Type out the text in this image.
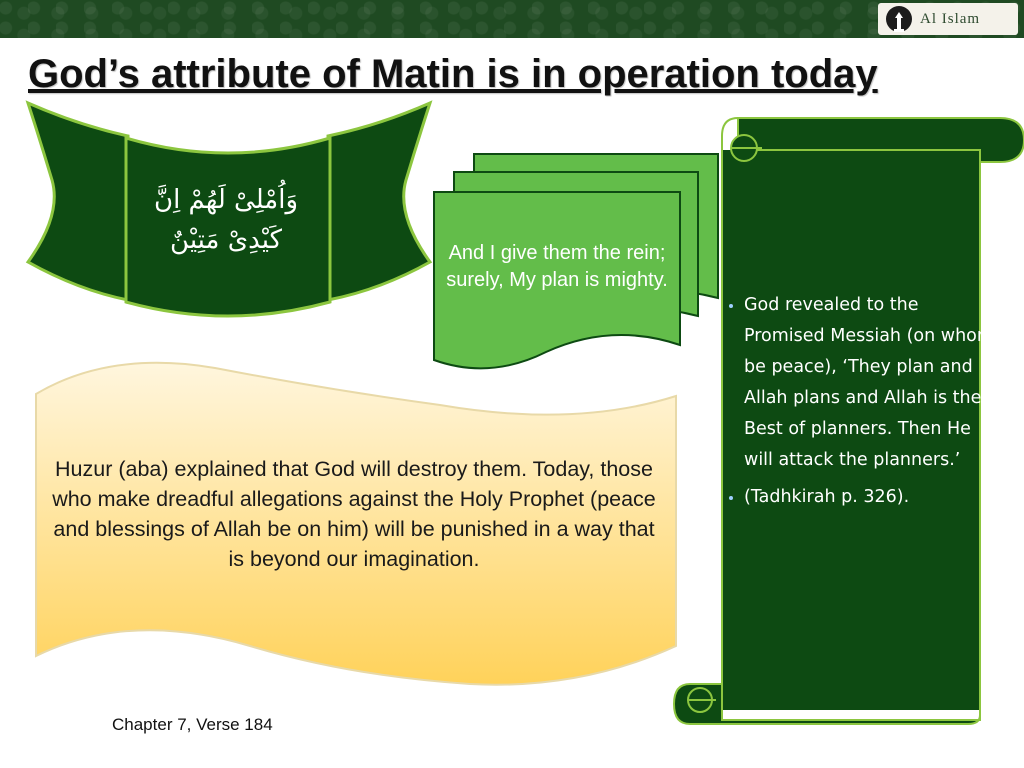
Al Islam
God’s attribute of Matin is in operation today
وَاُمْلِىْ لَهُمْ اِنَّ كَيْدِىْ مَتِيْنٌ	And I give them the rein; surely, My plan is mighty.
• God revealed to the Promised Messiah (on whom be peace), ‘They plan and Allah plans and Allah is the Best of planners. Then He will attack the planners.’
• (Tadhkirah p. 326).
Huzur (aba) explained that God will destroy them. Today, those who make dreadful allegations against the Holy Prophet (peace and blessings of Allah be on him) will be punished in a way that is beyond our imagination.
Chapter 7, Verse 184
